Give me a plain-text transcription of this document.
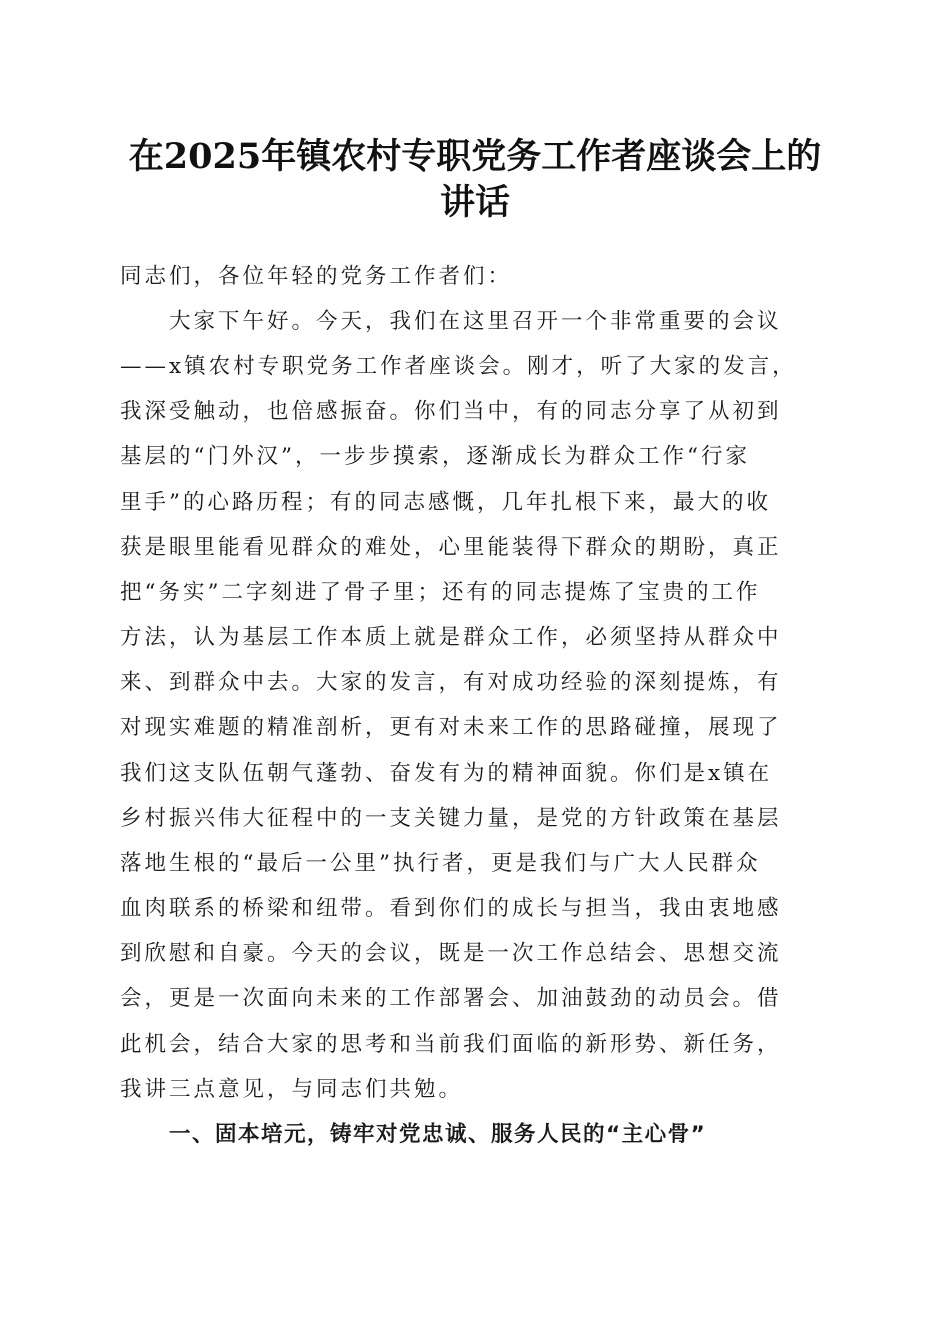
在2025年镇农村专职党务工作者座谈会上的
讲话

同志们，各位年轻的党务工作者们：

大家下午好。今天，我们在这里召开一个非常重要的会议
——x镇农村专职党务工作者座谈会。刚才，听了大家的发言，
我深受触动，也倍感振奋。你们当中，有的同志分享了从初到
基层的“门外汉”，一步步摸索，逐渐成长为群众工作“行家
里手”的心路历程；有的同志感慨，几年扎根下来，最大的收
获是眼里能看见群众的难处，心里能装得下群众的期盼，真正
把“务实”二字刻进了骨子里；还有的同志提炼了宝贵的工作
方法，认为基层工作本质上就是群众工作，必须坚持从群众中
来、到群众中去。大家的发言，有对成功经验的深刻提炼，有
对现实难题的精准剖析，更有对未来工作的思路碰撞，展现了
我们这支队伍朝气蓬勃、奋发有为的精神面貌。你们是x镇在
乡村振兴伟大征程中的一支关键力量，是党的方针政策在基层
落地生根的“最后一公里”执行者，更是我们与广大人民群众
血肉联系的桥梁和纽带。看到你们的成长与担当，我由衷地感
到欣慰和自豪。今天的会议，既是一次工作总结会、思想交流
会，更是一次面向未来的工作部署会、加油鼓劲的动员会。借
此机会，结合大家的思考和当前我们面临的新形势、新任务，
我讲三点意见，与同志们共勉。

一、固本培元，铸牢对党忠诚、服务人民的“主心骨”
